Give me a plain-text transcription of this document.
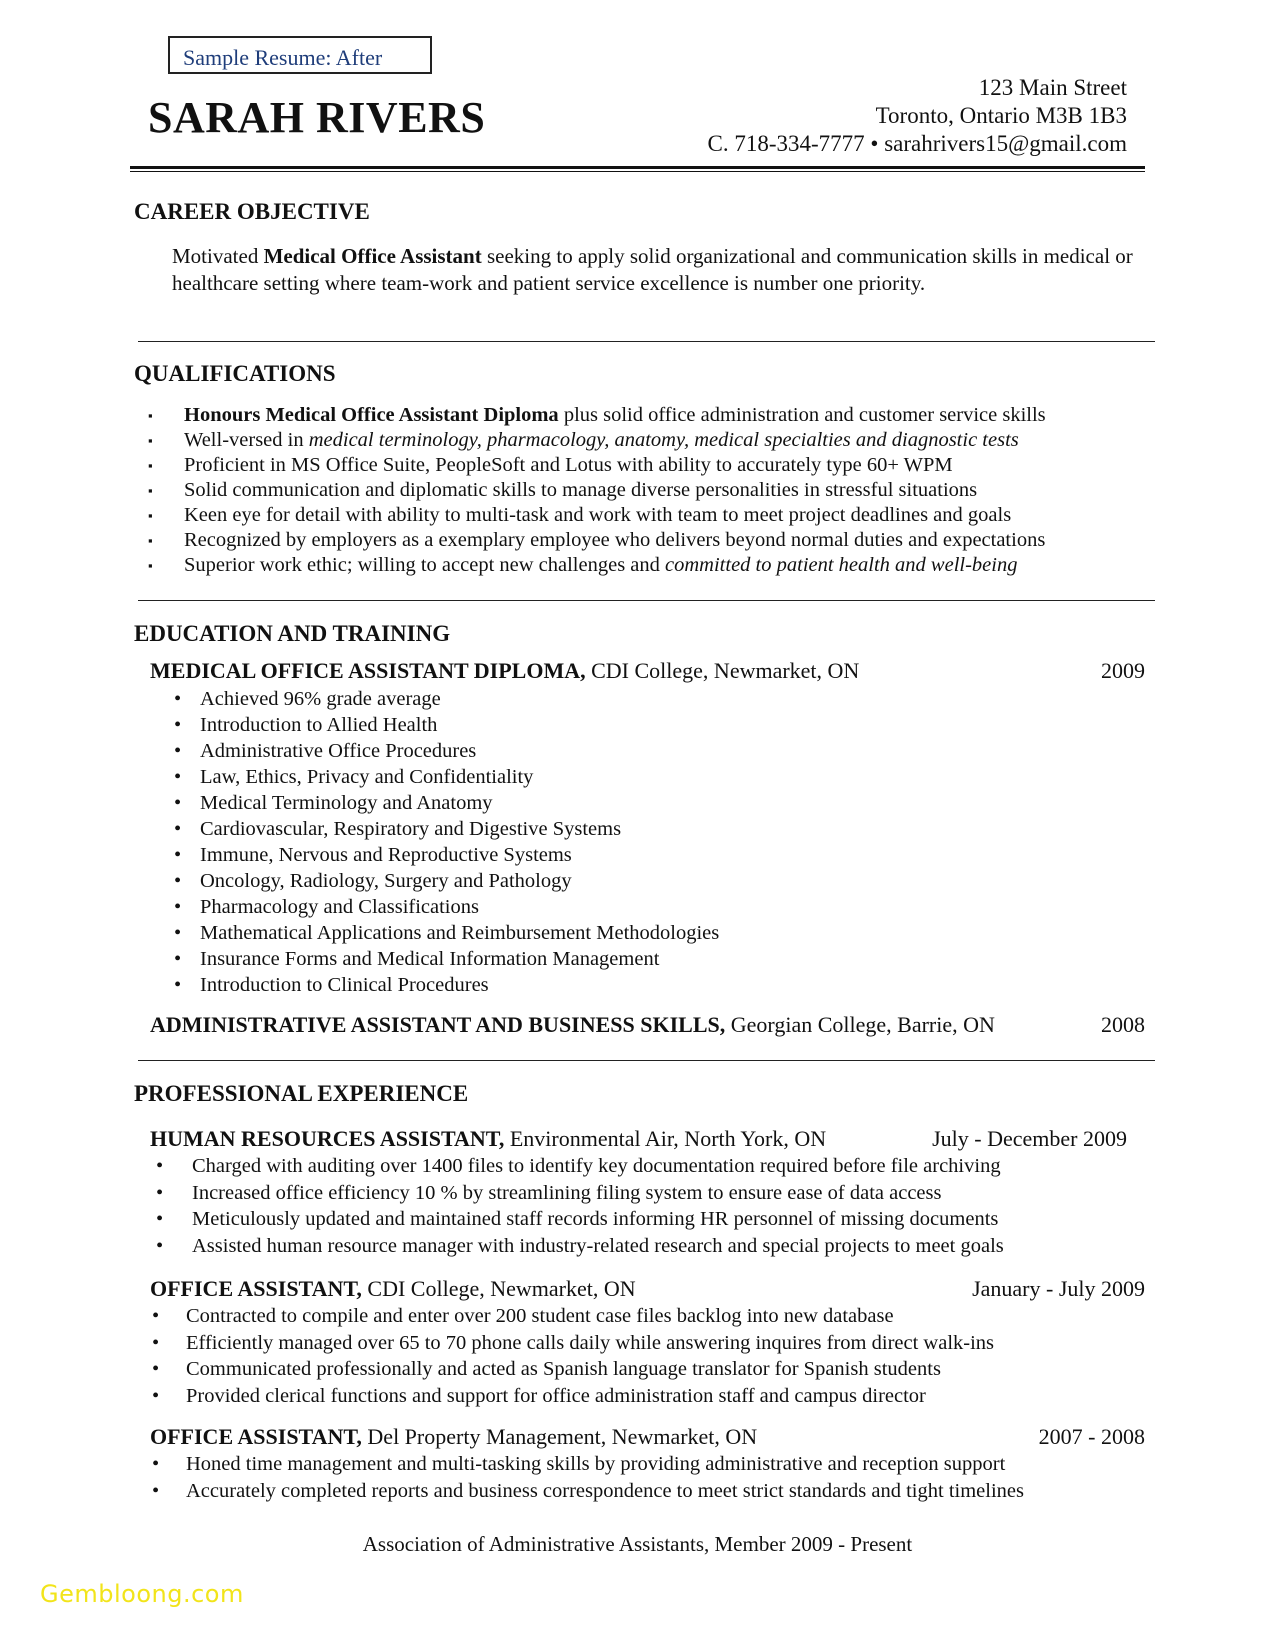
Sample Resume: After
SARAH RIVERS
123 Main Street
Toronto, Ontario M3B 1B3
C. 718-334-7777 • sarahrivers15@gmail.com
CAREER OBJECTIVE
Motivated Medical Office Assistant seeking to apply solid organizational and communication skills in medical or healthcare setting where team-work and patient service excellence is number one priority.
QUALIFICATIONS
▪ Honours Medical Office Assistant Diploma plus solid office administration and customer service skills
▪ Well-versed in medical terminology, pharmacology, anatomy, medical specialties and diagnostic tests
▪ Proficient in MS Office Suite, PeopleSoft and Lotus with ability to accurately type 60+ WPM
▪ Solid communication and diplomatic skills to manage diverse personalities in stressful situations
▪ Keen eye for detail with ability to multi-task and work with team to meet project deadlines and goals
▪ Recognized by employers as a exemplary employee who delivers beyond normal duties and expectations
▪ Superior work ethic; willing to accept new challenges and committed to patient health and well-being
EDUCATION AND TRAINING
MEDICAL OFFICE ASSISTANT DIPLOMA, CDI College, Newmarket, ON	2009
• Achieved 96% grade average
• Introduction to Allied Health
• Administrative Office Procedures
• Law, Ethics, Privacy and Confidentiality
• Medical Terminology and Anatomy
• Cardiovascular, Respiratory and Digestive Systems
• Immune, Nervous and Reproductive Systems
• Oncology, Radiology, Surgery and Pathology
• Pharmacology and Classifications
• Mathematical Applications and Reimbursement Methodologies
• Insurance Forms and Medical Information Management
• Introduction to Clinical Procedures
ADMINISTRATIVE ASSISTANT AND BUSINESS SKILLS, Georgian College, Barrie, ON	2008
PROFESSIONAL EXPERIENCE
HUMAN RESOURCES ASSISTANT, Environmental Air, North York, ON	July - December 2009
• Charged with auditing over 1400 files to identify key documentation required before file archiving
• Increased office efficiency 10 % by streamlining filing system to ensure ease of data access
• Meticulously updated and maintained staff records informing HR personnel of missing documents
• Assisted human resource manager with industry-related research and special projects to meet goals
OFFICE ASSISTANT, CDI College, Newmarket, ON	January - July 2009
• Contracted to compile and enter over 200 student case files backlog into new database
• Efficiently managed over 65 to 70 phone calls daily while answering inquires from direct walk-ins
• Communicated professionally and acted as Spanish language translator for Spanish students
• Provided clerical functions and support for office administration staff and campus director
OFFICE ASSISTANT, Del Property Management, Newmarket, ON	2007 - 2008
• Honed time management and multi-tasking skills by providing administrative and reception support
• Accurately completed reports and business correspondence to meet strict standards and tight timelines
Association of Administrative Assistants, Member 2009 - Present
Gembloong.com
